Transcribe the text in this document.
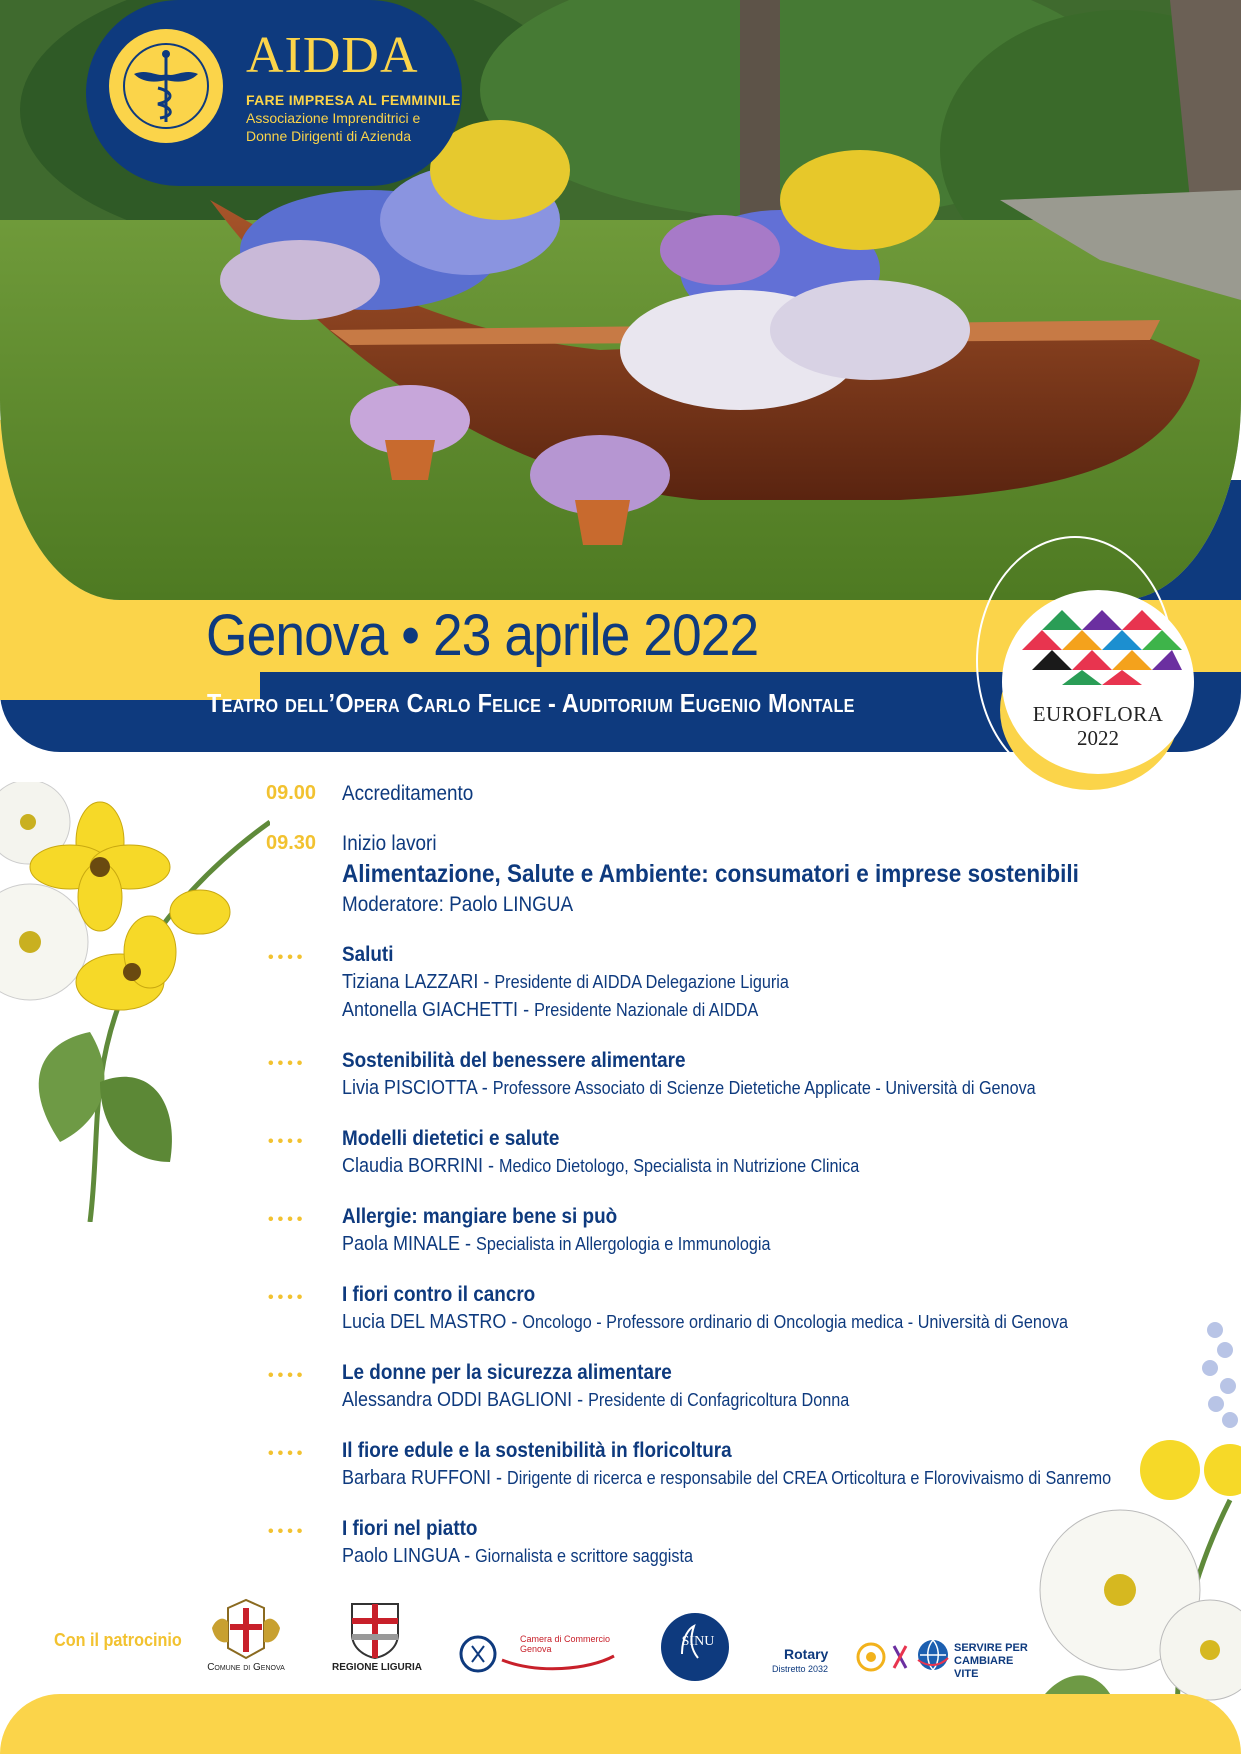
AIDDA
FARE IMPRESA AL FEMMINILE
Associazione Imprenditrici e
Donne Dirigenti di Azienda
Genova • 23 aprile 2022
Teatro dell’Opera Carlo Felice - Auditorium Eugenio Montale	EUROFLORA
2022
09.00 Accreditamento
09.30 Inizio lavori
Alimentazione, Salute e Ambiente: consumatori e imprese sostenibili
Moderatore: Paolo LINGUA
•••• Saluti
Tiziana LAZZARI - Presidente di AIDDA Delegazione Liguria
Antonella GIACHETTI - Presidente Nazionale di AIDDA
•••• Sostenibilità del benessere alimentare
Livia PISCIOTTA - Professore Associato di Scienze Dietetiche Applicate - Università di Genova
•••• Modelli dietetici e salute
Claudia BORRINI - Medico Dietologo, Specialista in Nutrizione Clinica
•••• Allergie: mangiare bene si può
Paola MINALE - Specialista in Allergologia e Immunologia
•••• I fiori contro il cancro
Lucia DEL MASTRO - Oncologo - Professore ordinario di Oncologia medica - Università di Genova
•••• Le donne per la sicurezza alimentare
Alessandra ODDI BAGLIONI - Presidente di Confagricoltura Donna
•••• Il fiore edule e la sostenibilità in floricoltura
Barbara RUFFONI - Dirigente di ricerca e responsabile del CREA Orticoltura e Florovivaismo di Sanremo
•••• I fiori nel piatto
Paolo LINGUA - Giornalista e scrittore saggista
Con il patrocinio
Comune di Genova	REGIONE LIGURIA
Camera di Commercio Genova	SINU
Rotary
Distretto 2032
SERVIRE PER CAMBIARE VITE
